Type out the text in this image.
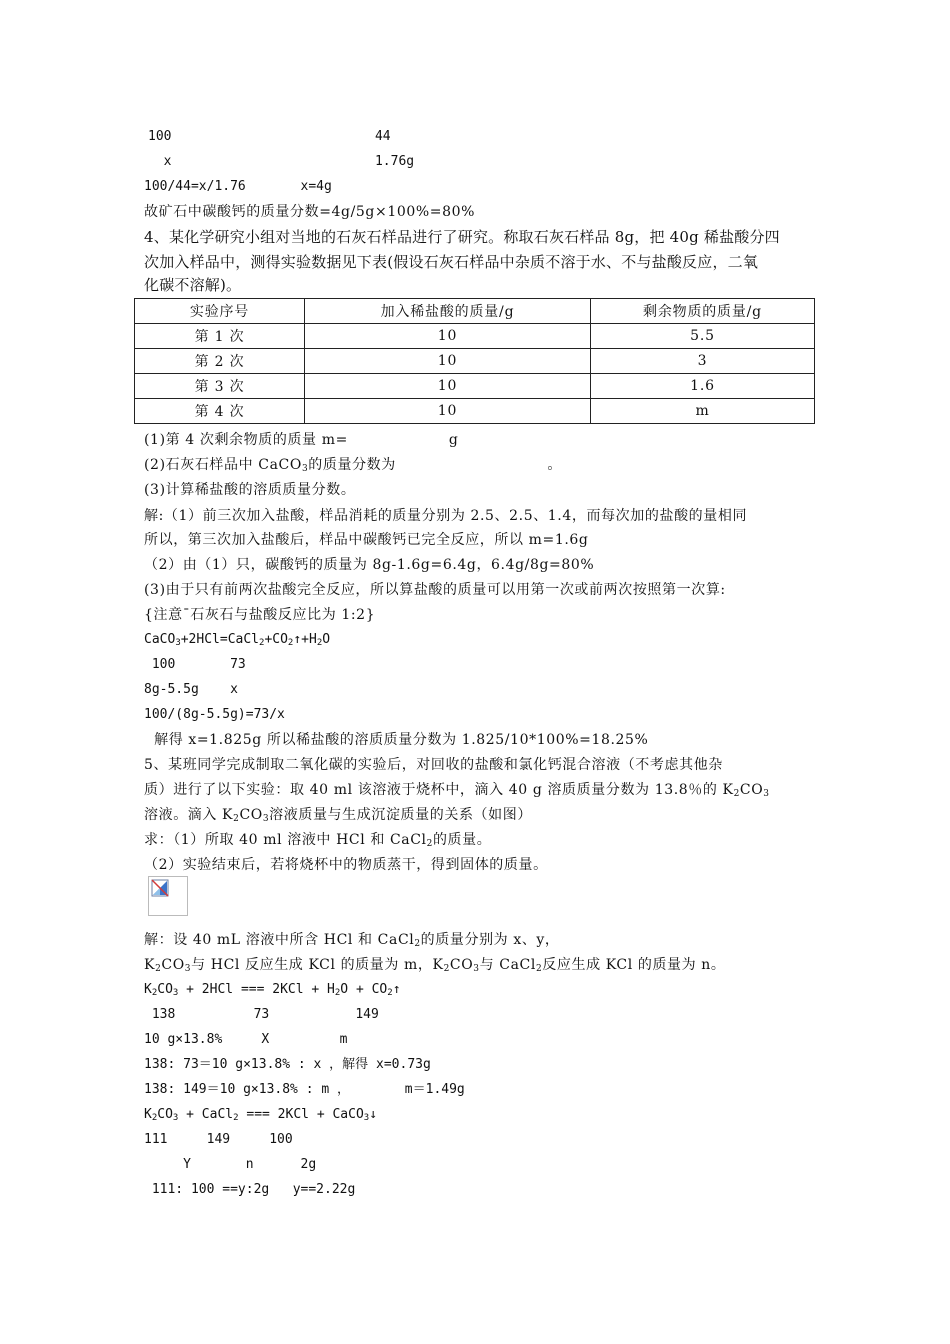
100                          44
x                          1.76g
100/44=x/1.76       x=4g
故矿石中碳酸钙的质量分数=4g/5g×100%=80%
4、某化学研究小组对当地的石灰石样品进行了研究。称取石灰石样品 8g，把 40g 稀盐酸分四
次加入样品中，测得实验数据见下表(假设石灰石样品中杂质不溶于水、不与盐酸反应，二氧
化碳不溶解)。
实验序号	加入稀盐酸的质量/g	剩余物质的质量/g
第 1 次	10	5.5
第 2 次	10	3
第 3 次	10	1.6
第 4 次	10	m
(1)第 4 次剩余物质的质量 m=                    g
(2)石灰石样品中 CaCO$_3$的质量分数为                              。
(3)计算稀盐酸的溶质质量分数。
解:（1）前三次加入盐酸，样品消耗的质量分别为 2.5、2.5、1.4，而每次加的盐酸的量相同
所以，第三次加入盐酸后，样品中碳酸钙已完全反应，所以 m=1.6g
（2）由（1）只，碳酸钙的质量为 8g-1.6g=6.4g，6.4g/8g=80%
(3)由于只有前两次盐酸完全反应，所以算盐酸的质量可以用第一次或前两次按照第一次算:
{注意¯石灰石与盐酸反应比为 1:2}
$CaCO_3+2HCl=CaCl_2+CO_2↑+H_2O$
100       73
8g-5.5g    x
100/(8g-5.5g)=73/x
解得 x=1.825g 所以稀盐酸的溶质质量分数为 1.825/10*100%=18.25%
5、某班同学完成制取二氧化碳的实验后，对回收的盐酸和氯化钙混合溶液（不考虑其他杂
质）进行了以下实验：取 40 ml 该溶液于烧杯中，滴入 40 g 溶质质量分数为 13.8％的 $K_2CO_3$
溶液。滴入 $K_2CO_3$溶液质量与生成沉淀质量的关系（如图）
求：（1）所取 40 ml 溶液中 HCl 和 CaCl$_2$的质量。
（2）实验结束后，若将烧杯中的物质蒸干，得到固体的质量。
解：设 40 mL 溶液中所含 HCl 和 CaCl$_2$的质量分别为 x、y，
$K_2CO_3$与 HCl 反应生成 KCl 的质量为 m，$K_2CO_3$与 CaCl$_2$反应生成 KCl 的质量为 n。
$K_2CO_3 + 2HCl$ === $2KCl + H_2O$ + $CO_2↑$
138          73           149
10 g×13.8%     X         m
138: 73＝10 g×13.8% : x ，解得 x=0.73g
138: 149＝10 g×13.8% : m ，       m＝1.49g
$K_2CO_3$ + CaCl$_2$ === 2KCl + CaCO$_3$↓
111     149     100
Y       n      2g
111: 100 ==y:2g   y==2.22g
